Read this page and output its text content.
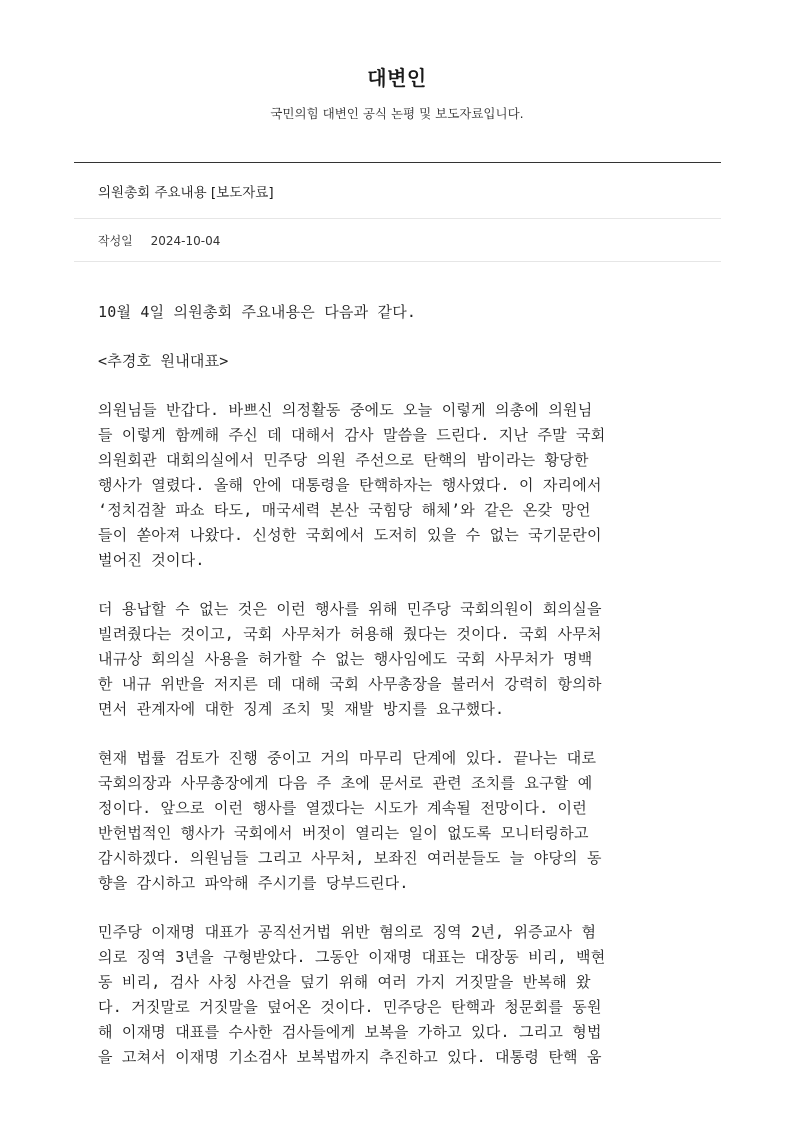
대변인

국민의힘 대변인 공식 논평 및 보도자료입니다.

의원총회 주요내용 [보도자료]
작성일 2024-10-04

10월 4일 의원총회 주요내용은 다음과 같다.

<추경호 원내대표>

의원님들 반갑다. 바쁘신 의정활동 중에도 오늘 이렇게 의총에 의원님
들 이렇게 함께해 주신 데 대해서 감사 말씀을 드린다. 지난 주말 국회
의원회관 대회의실에서 민주당 의원 주선으로 탄핵의 밤이라는 황당한
행사가 열렸다. 올해 안에 대통령을 탄핵하자는 행사였다. 이 자리에서
‘정치검찰 파쇼 타도, 매국세력 본산 국힘당 해체’와 같은 온갖 망언
들이 쏟아져 나왔다. 신성한 국회에서 도저히 있을 수 없는 국기문란이
벌어진 것이다.

더 용납할 수 없는 것은 이런 행사를 위해 민주당 국회의원이 회의실을
빌려줬다는 것이고, 국회 사무처가 허용해 줬다는 것이다. 국회 사무처
내규상 회의실 사용을 허가할 수 없는 행사임에도 국회 사무처가 명백
한 내규 위반을 저지른 데 대해 국회 사무총장을 불러서 강력히 항의하
면서 관계자에 대한 징계 조치 및 재발 방지를 요구했다.

현재 법률 검토가 진행 중이고 거의 마무리 단계에 있다. 끝나는 대로
국회의장과 사무총장에게 다음 주 초에 문서로 관련 조치를 요구할 예
정이다. 앞으로 이런 행사를 열겠다는 시도가 계속될 전망이다. 이런
반헌법적인 행사가 국회에서 버젓이 열리는 일이 없도록 모니터링하고
감시하겠다. 의원님들 그리고 사무처, 보좌진 여러분들도 늘 야당의 동
향을 감시하고 파악해 주시기를 당부드린다.

민주당 이재명 대표가 공직선거법 위반 혐의로 징역 2년, 위증교사 혐
의로 징역 3년을 구형받았다. 그동안 이재명 대표는 대장동 비리, 백현
동 비리, 검사 사칭 사건을 덮기 위해 여러 가지 거짓말을 반복해 왔
다. 거짓말로 거짓말을 덮어온 것이다. 민주당은 탄핵과 청문회를 동원
해 이재명 대표를 수사한 검사들에게 보복을 가하고 있다. 그리고 형법
을 고쳐서 이재명 기소검사 보복법까지 추진하고 있다. 대통령 탄핵 움
